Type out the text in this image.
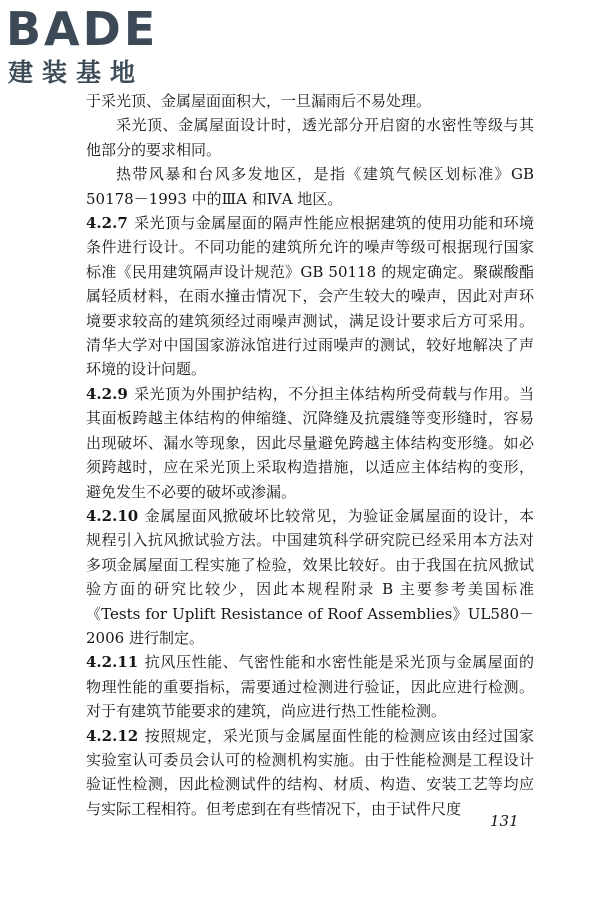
BADE
建装基地

于采光顶、金属屋面面积大，一旦漏雨后不易处理。

采光顶、金属屋面设计时，透光部分开启窗的水密性等级与其他部分的要求相同。

热带风暴和台风多发地区，是指《建筑气候区划标准》GB 50178－1993 中的ⅢA 和ⅣA 地区。

4.2.7 采光顶与金属屋面的隔声性能应根据建筑的使用功能和环境条件进行设计。不同功能的建筑所允许的噪声等级可根据现行国家标准《民用建筑隔声设计规范》GB 50118 的规定确定。聚碳酸酯属轻质材料，在雨水撞击情况下，会产生较大的噪声，因此对声环境要求较高的建筑须经过雨噪声测试，满足设计要求后方可采用。清华大学对中国国家游泳馆进行过雨噪声的测试，较好地解决了声环境的设计问题。

4.2.9 采光顶为外围护结构，不分担主体结构所受荷载与作用。当其面板跨越主体结构的伸缩缝、沉降缝及抗震缝等变形缝时，容易出现破坏、漏水等现象，因此尽量避免跨越主体结构变形缝。如必须跨越时，应在采光顶上采取构造措施，以适应主体结构的变形，避免发生不必要的破坏或渗漏。

4.2.10 金属屋面风掀破坏比较常见，为验证金属屋面的设计，本规程引入抗风掀试验方法。中国建筑科学研究院已经采用本方法对多项金属屋面工程实施了检验，效果比较好。由于我国在抗风掀试验方面的研究比较少，因此本规程附录 B 主要参考美国标准《Tests for Uplift Resistance of Roof Assemblies》UL580－2006 进行制定。

4.2.11 抗风压性能、气密性能和水密性能是采光顶与金属屋面的物理性能的重要指标，需要通过检测进行验证，因此应进行检测。对于有建筑节能要求的建筑，尚应进行热工性能检测。

4.2.12 按照规定，采光顶与金属屋面性能的检测应该由经过国家实验室认可委员会认可的检测机构实施。由于性能检测是工程设计验证性检测，因此检测试件的结构、材质、构造、安装工艺等均应与实际工程相符。但考虑到在有些情况下，由于试件尺度

131
